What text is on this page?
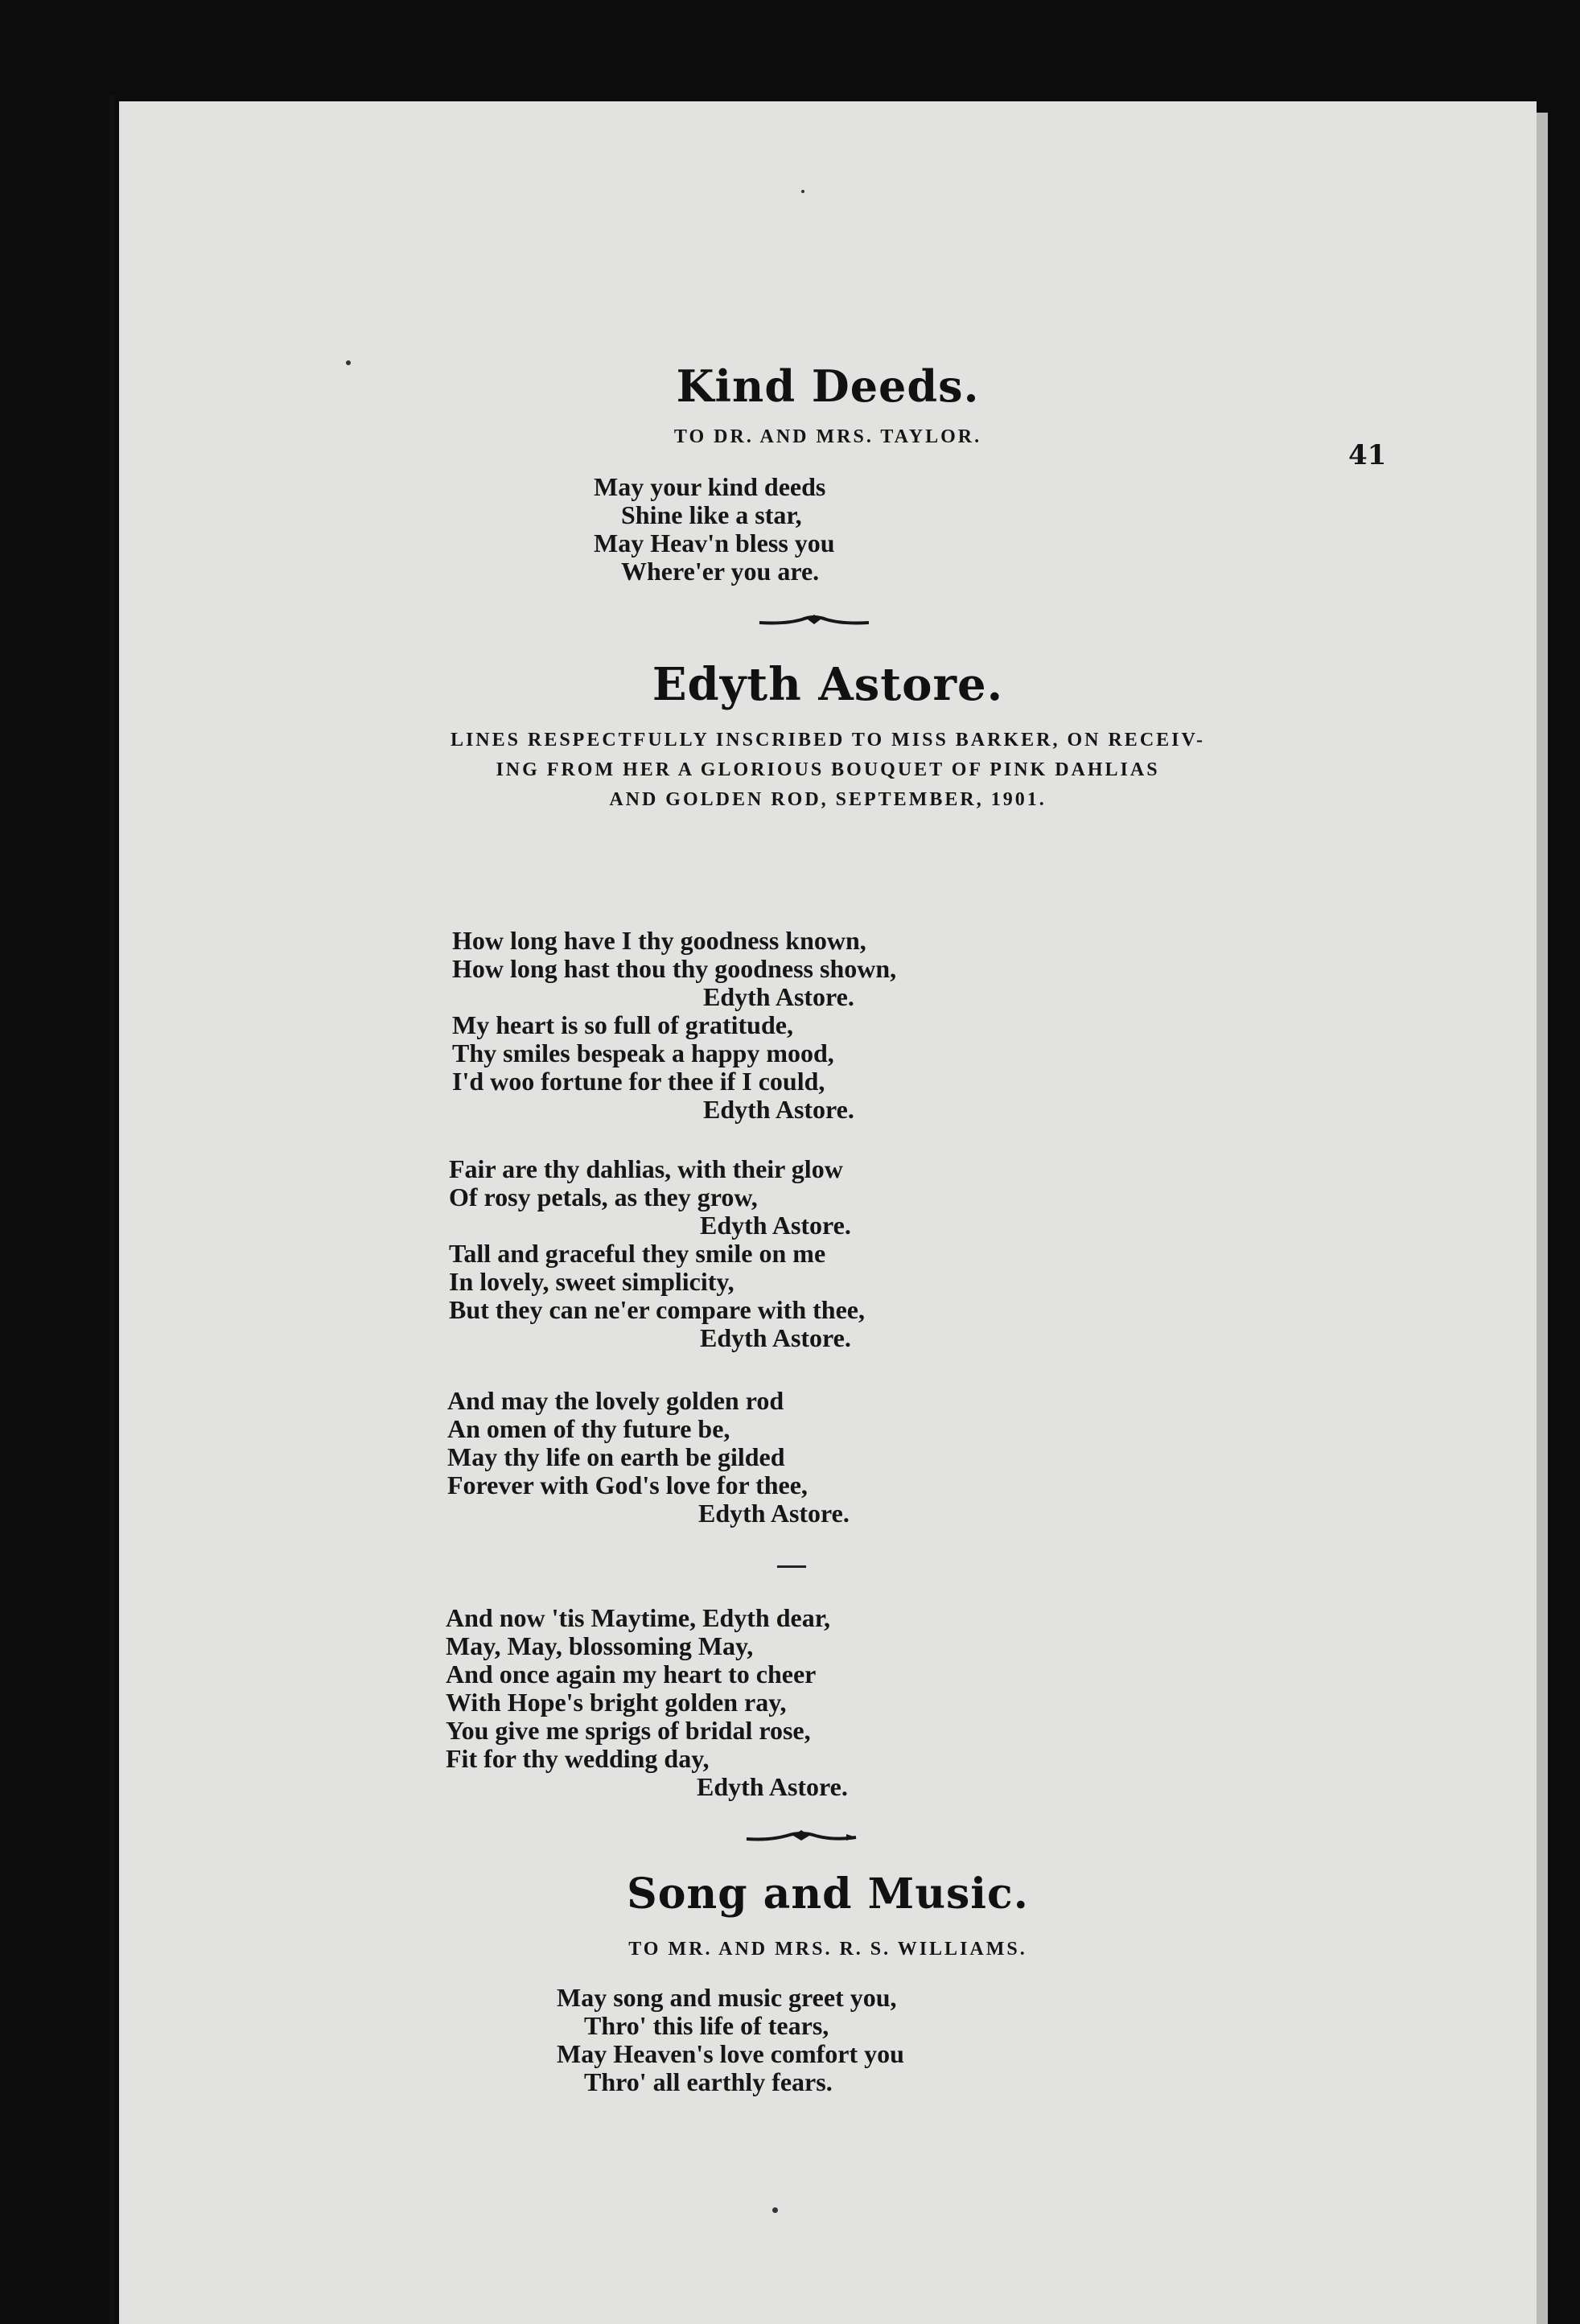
41
Kind Deeds.
TO DR. AND MRS. TAYLOR.
May your kind deeds
Shine like a star,
May Heav'n bless you
Where'er you are.
Edyth Astore.
LINES RESPECTFULLY INSCRIBED TO MISS BARKER, ON RECEIV-
ING FROM HER A GLORIOUS BOUQUET OF PINK DAHLIAS
AND GOLDEN ROD, SEPTEMBER, 1901.
How long have I thy goodness known,
How long hast thou thy goodness shown,
Edyth Astore.
My heart is so full of gratitude,
Thy smiles bespeak a happy mood,
I'd woo fortune for thee if I could,
Edyth Astore.
Fair are thy dahlias, with their glow
Of rosy petals, as they grow,
Edyth Astore.
Tall and graceful they smile on me
In lovely, sweet simplicity,
But they can ne'er compare with thee,
Edyth Astore.
And may the lovely golden rod
An omen of thy future be,
May thy life on earth be gilded
Forever with God's love for thee,
Edyth Astore.
And now 'tis Maytime, Edyth dear,
May, May, blossoming May,
And once again my heart to cheer
With Hope's bright golden ray,
You give me sprigs of bridal rose,
Fit for thy wedding day,
Edyth Astore.
Song and Music.
TO MR. AND MRS. R. S. WILLIAMS.
May song and music greet you,
Thro' this life of tears,
May Heaven's love comfort you
Thro' all earthly fears.
